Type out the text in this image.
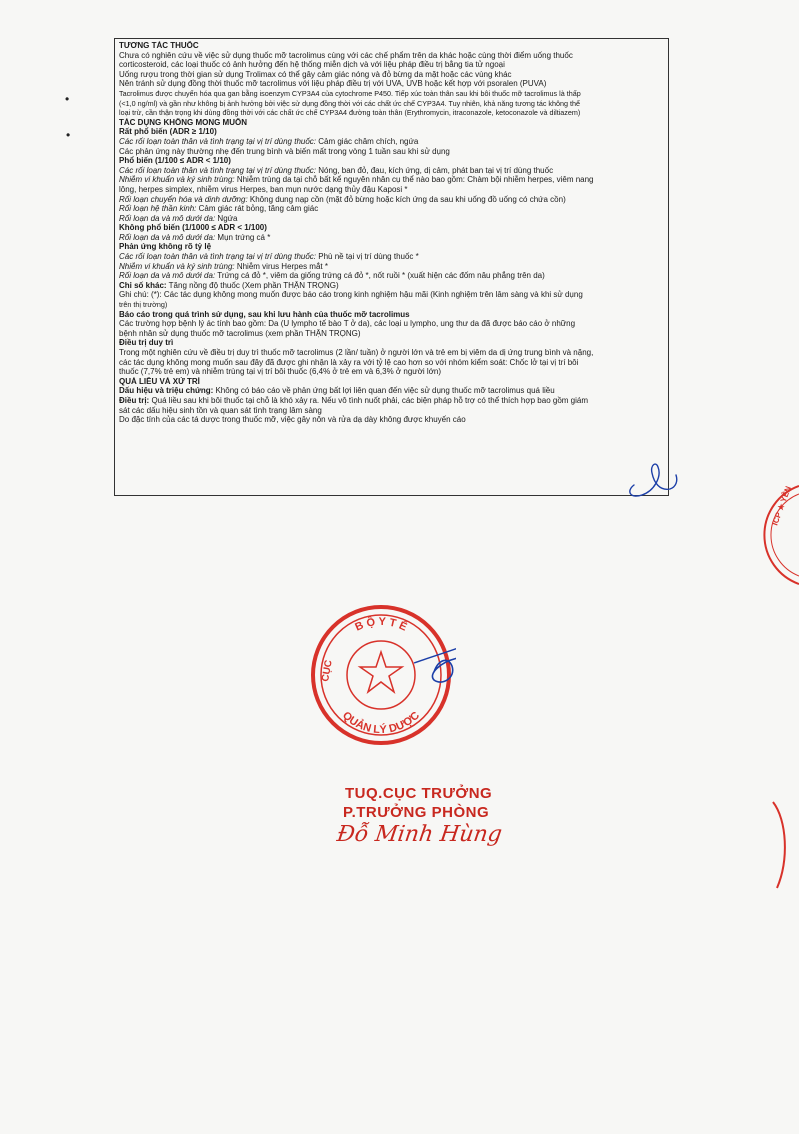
•
•
TƯƠNG TÁC THUỐC
Chưa có nghiên cứu về việc sử dụng thuốc mỡ tacrolimus cùng với các chế phẩm trên da khác hoặc cùng thời điểm uống thuốc
corticosteroid, các loại thuốc có ảnh hưởng đến hệ thống miễn dịch và với liệu pháp điều trị bằng tia tử ngoại
Uống rượu trong thời gian sử dụng Trolimax có thể gây cảm giác nóng và đỏ bừng da mặt hoặc các vùng khác
Nên tránh sử dụng đồng thời thuốc mỡ tacrolimus với liệu pháp điều trị với UVA, UVB hoặc kết hợp với psoralen (PUVA)
Tacrolimus được chuyển hóa qua gan bằng isoenzym CYP3A4 của cytochrome P450. Tiếp xúc toàn thân sau khi bôi thuốc mỡ tacrolimus là thấp
(<1,0 ng/ml) và gần như không bị ảnh hưởng bởi việc sử dụng đồng thời với các chất ức chế CYP3A4. Tuy nhiên, khả năng tương tác không thể
loại trừ, cần thận trọng khi dùng đồng thời với các chất ức chế CYP3A4 đường toàn thân (Erythromycin, itraconazole, ketoconazole và diltiazem)
TÁC DỤNG KHÔNG MONG MUỐN
Rất phổ biến (ADR ≥ 1/10)
Các rối loạn toàn thân và tình trạng tại vị trí dùng thuốc: Cảm giác châm chích, ngứa
Các phản ứng này thường nhẹ đến trung bình và biến mất trong vòng 1 tuần sau khi sử dụng
Phổ biến (1/100 ≤ ADR < 1/10)
Các rối loạn toàn thân và tình trạng tại vị trí dùng thuốc: Nóng, ban đỏ, đau, kích ứng, dị cảm, phát ban tại vị trí dùng thuốc
Nhiễm vi khuẩn và ký sinh trùng: Nhiễm trùng da tại chỗ bất kể nguyên nhân cụ thể nào bao gồm: Chàm bội nhiễm herpes, viêm nang
lông, herpes simplex, nhiễm virus Herpes, ban mụn nước dạng thủy đậu Kaposi *
Rối loạn chuyển hóa và dinh dưỡng: Không dung nạp cồn (mặt đỏ bừng hoặc kích ứng da sau khi uống đồ uống có chứa cồn)
Rối loạn hệ thần kinh: Cảm giác rát bỏng, tăng cảm giác
Rối loạn da và mô dưới da: Ngứa
Không phổ biến (1/1000 ≤ ADR < 1/100)
Rối loạn da và mô dưới da: Mụn trứng cá *
Phản ứng không rõ tỷ lệ
Các rối loạn toàn thân và tình trạng tại vị trí dùng thuốc: Phù nề tại vị trí dùng thuốc *
Nhiễm vi khuẩn và ký sinh trùng: Nhiễm virus Herpes mắt *
Rối loạn da và mô dưới da: Trứng cá đỏ *, viêm da giống trứng cá đỏ *, nốt ruồi * (xuất hiện các đốm nâu phẳng trên da)
Chỉ số khác: Tăng nồng độ thuốc (Xem phần THẬN TRỌNG)
Ghi chú: (*): Các tác dụng không mong muốn được báo cáo trong kinh nghiệm hậu mãi (Kinh nghiệm trên lâm sàng và khi sử dụng
trên thị trường)
Báo cáo trong quá trình sử dụng, sau khi lưu hành của thuốc mỡ tacrolimus
Các trường hợp bệnh lý ác tính bao gồm: Da (U lympho tế bào T ở da), các loại u lympho, ung thư da đã được báo cáo ở những
bệnh nhân sử dụng thuốc mỡ tacrolimus (xem phần THẬN TRỌNG)
Điều trị duy trì
Trong một nghiên cứu về điều trị duy trì thuốc mỡ tacrolimus (2 lần/ tuần) ở người lớn và trẻ em bị viêm da dị ứng trung bình và nặng,
các tác dụng không mong muốn sau đây đã được ghi nhận là xảy ra với tỷ lệ cao hơn so với nhóm kiểm soát: Chốc lở tại vị trí bôi
thuốc (7,7% trẻ em) và nhiễm trùng tại vị trí bôi thuốc (6,4% ở trẻ em và 6,3% ở người lớn)
QUÁ LIỀU VÀ XỬ TRÍ
Dấu hiệu và triệu chứng: Không có báo cáo về phản ứng bất lợi liên quan đến việc sử dụng thuốc mỡ tacrolimus quá liều
Điều trị: Quá liều sau khi bôi thuốc tại chỗ là khó xảy ra. Nếu vô tình nuốt phải, các biện pháp hỗ trợ có thể thích hợp bao gồm giám
sát các dấu hiệu sinh tồn và quan sát tình trạng lâm sàng
Do đặc tính của các tá dược trong thuốc mỡ, việc gây nôn và rửa dạ dày không được khuyến cáo
ICP ★ YÊN
B Ộ Y T Ế
QUẢN LÝ DƯỢC
CỤC
TUQ.CỤC TRƯỞNG
P.TRƯỞNG PHÒNG
Đỗ Minh Hùng
